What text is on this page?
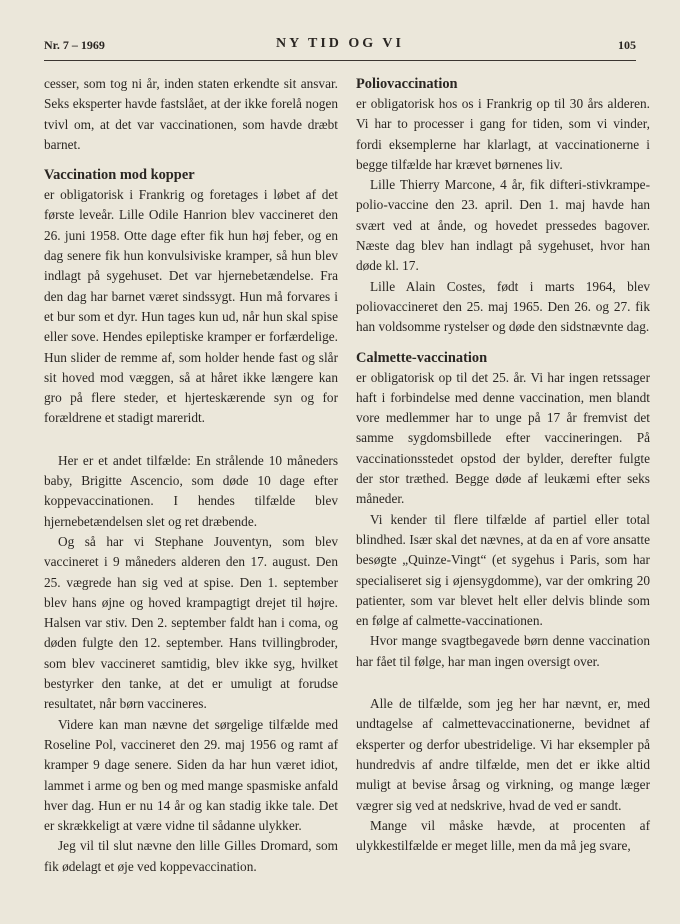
Nr. 7 – 1969	NY TID OG VI	105

cesser, som tog ni år, inden staten erkendte sit ansvar. Seks eksperter havde fastslået, at der ikke forelå nogen tvivl om, at det var vaccinationen, som havde dræbt barnet.

Vaccination mod kopper

er obligatorisk i Frankrig og foretages i løbet af det første leveår. Lille Odile Hanrion blev vaccineret den 26. juni 1958. Otte dage efter fik hun høj feber, og en dag senere fik hun konvulsiviske kramper, så hun blev indlagt på sygehuset. Det var hjernebetændelse. Fra den dag har barnet været sindssygt. Hun må forvares i et bur som et dyr. Hun tages kun ud, når hun skal spise eller sove. Hendes epileptiske kramper er forfærdelige. Hun slider de remme af, som holder hende fast og slår sit hoved mod væggen, så at håret ikke længere kan gro på flere steder, et hjerteskærende syn og for forældrene et stadigt mareridt.

Her er et andet tilfælde: En strålende 10 måneders baby, Brigitte Ascencio, som døde 10 dage efter koppevaccinationen. I hendes tilfælde blev hjernebetændelsen slet og ret dræbende.

Og så har vi Stephane Jouventyn, som blev vaccineret i 9 måneders alderen den 17. august. Den 25. vægrede han sig ved at spise. Den 1. september blev hans øjne og hoved krampagtigt drejet til højre. Halsen var stiv. Den 2. september faldt han i coma, og døden fulgte den 12. september. Hans tvillingbroder, som blev vaccineret samtidig, blev ikke syg, hvilket bestyrker den tanke, at det er umuligt at forudse resultatet, når børn vaccineres.

Videre kan man nævne det sørgelige tilfælde med Roseline Pol, vaccineret den 29. maj 1956 og ramt af kramper 9 dage senere. Siden da har hun været idiot, lammet i arme og ben og med mange spasmiske anfald hver dag. Hun er nu 14 år og kan stadig ikke tale. Det er skrækkeligt at være vidne til sådanne ulykker.

Jeg vil til slut nævne den lille Gilles Dromard, som fik ødelagt et øje ved koppevaccination.

Poliovaccination

er obligatorisk hos os i Frankrig op til 30 års alderen. Vi har to processer i gang for tiden, som vi vinder, fordi eksemplerne har klarlagt, at vaccinationerne i begge tilfælde har krævet børnenes liv.

Lille Thierry Marcone, 4 år, fik difteri-stivkrampe-polio-vaccine den 23. april. Den 1. maj havde han svært ved at ånde, og hovedet pressedes bagover. Næste dag blev han indlagt på sygehuset, hvor han døde kl. 17.

Lille Alain Costes, født i marts 1964, blev poliovaccineret den 25. maj 1965. Den 26. og 27. fik han voldsomme rystelser og døde den sidstnævnte dag.

Calmette-vaccination

er obligatorisk op til det 25. år. Vi har ingen retssager haft i forbindelse med denne vaccination, men blandt vore medlemmer har to unge på 17 år fremvist det samme sygdomsbillede efter vaccineringen. På vaccinationsstedet opstod der bylder, derefter fulgte der stor træthed. Begge døde af leukæmi efter seks måneder.

Vi kender til flere tilfælde af partiel eller total blindhed. Især skal det nævnes, at da en af vore ansatte besøgte „Quinze-Vingt“ (et sygehus i Paris, som har specialiseret sig i øjensygdomme), var der omkring 20 patienter, som var blevet helt eller delvis blinde som en følge af calmette-vaccinationen.

Hvor mange svagtbegavede børn denne vaccination har fået til følge, har man ingen oversigt over.

Alle de tilfælde, som jeg her har nævnt, er, med undtagelse af calmettevaccinationerne, bevidnet af eksperter og derfor ubestridelige. Vi har eksempler på hundredvis af andre tilfælde, men det er ikke altid muligt at bevise årsag og virkning, og mange læger vægrer sig ved at nedskrive, hvad de ved er sandt.

Mange vil måske hævde, at procenten af ulykkestilfælde er meget lille, men da må jeg svare,
